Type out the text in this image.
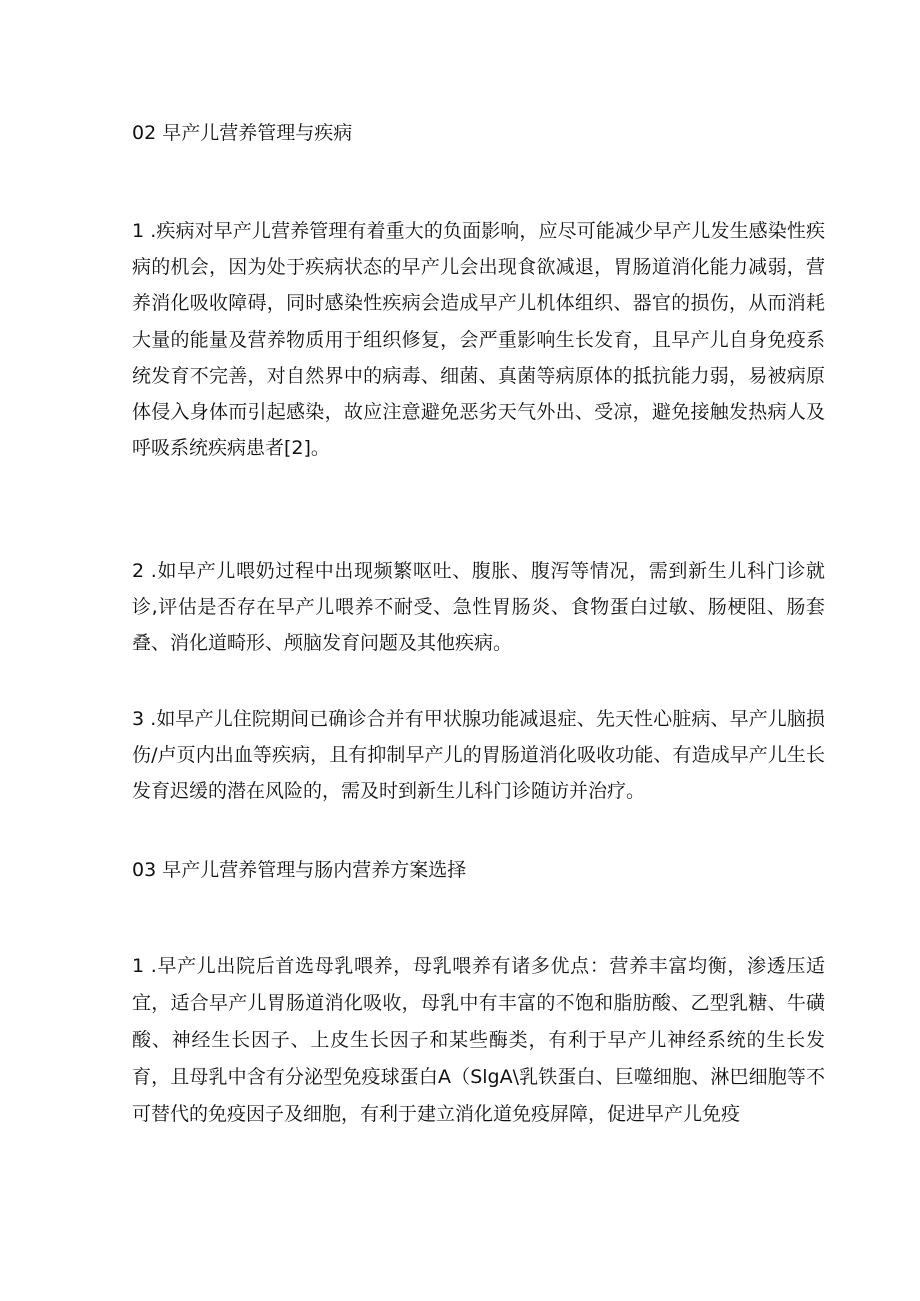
02 早产儿营养管理与疾病

1 .疾病对早产儿营养管理有着重大的负面影响，应尽可能减少早产儿发生感染性疾病的机会，因为处于疾病状态的早产儿会出现食欲减退，胃肠道消化能力减弱，营养消化吸收障碍，同时感染性疾病会造成早产儿机体组织、器官的损伤，从而消耗大量的能量及营养物质用于组织修复，会严重影响生长发育，且早产儿自身免疫系统发育不完善，对自然界中的病毒、细菌、真菌等病原体的抵抗能力弱，易被病原体侵入身体而引起感染，故应注意避免恶劣天气外出、受凉，避免接触发热病人及呼吸系统疾病患者[2]。

2 .如早产儿喂奶过程中出现频繁呕吐、腹胀、腹泻等情况，需到新生儿科门诊就诊,评估是否存在早产儿喂养不耐受、急性胃肠炎、食物蛋白过敏、肠梗阻、肠套叠、消化道畸形、颅脑发育问题及其他疾病。

3 .如早产儿住院期间已确诊合并有甲状腺功能减退症、先天性心脏病、早产儿脑损伤/卢页内出血等疾病，且有抑制早产儿的胃肠道消化吸收功能、有造成早产儿生长发育迟缓的潜在风险的，需及时到新生儿科门诊随访并治疗。

03 早产儿营养管理与肠内营养方案选择

1 .早产儿出院后首选母乳喂养，母乳喂养有诸多优点：营养丰富均衡，渗透压适宜，适合早产儿胃肠道消化吸收，母乳中有丰富的不饱和脂肪酸、乙型乳糖、牛磺酸、神经生长因子、上皮生长因子和某些酶类，有利于早产儿神经系统的生长发育，且母乳中含有分泌型免疫球蛋白A（SlgA\乳铁蛋白、巨噬细胞、淋巴细胞等不可替代的免疫因子及细胞，有利于建立消化道免疫屏障，促进早产儿免疫
